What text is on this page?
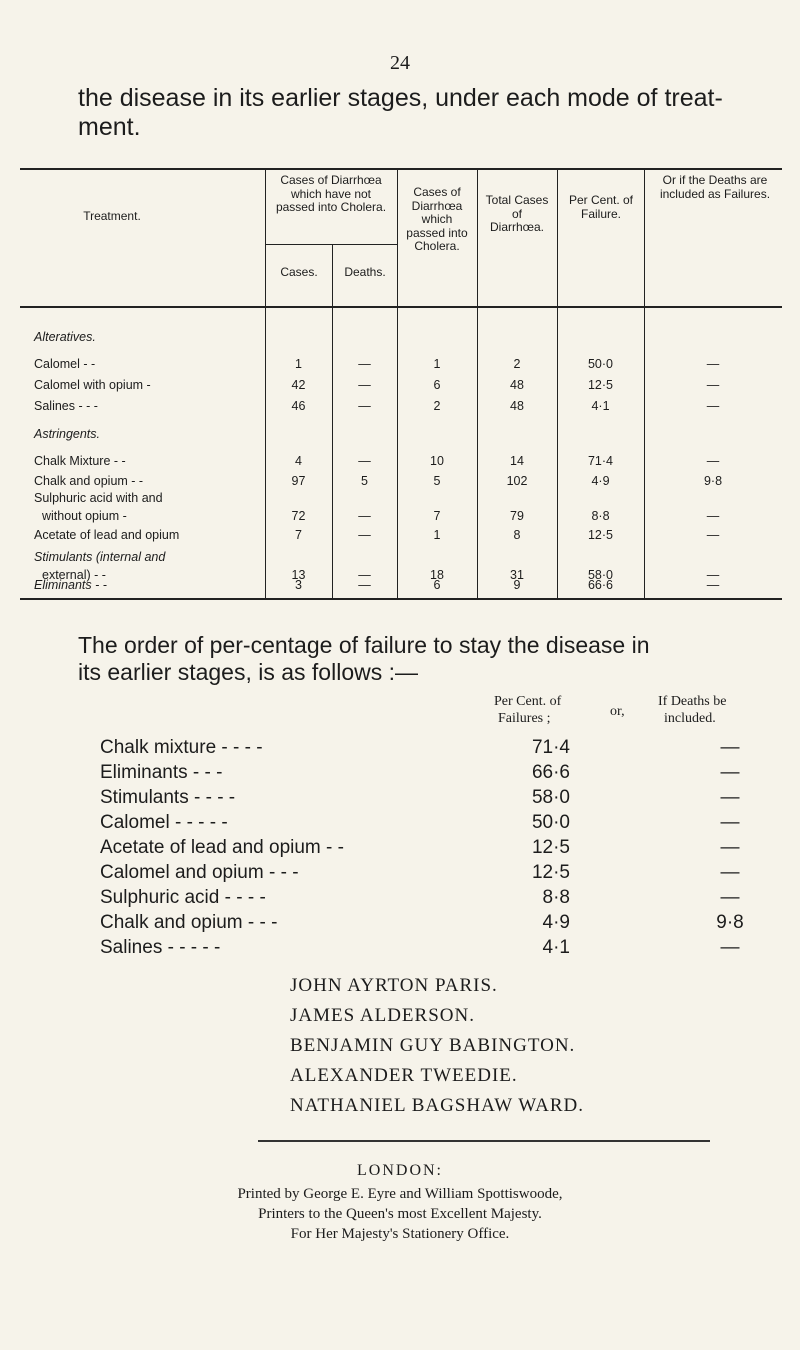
24
the disease in its earlier stages, under each mode of treat-
ment.
Treatment.
Cases of Diarrhœa which have not passed into Cholera.
Cases.	Deaths.
Cases of Diarrhœa which passed into Cholera.
Total Cases of Diarrhœa.
Per Cent. of Failure.
Or if the Deaths are included as Failures.
Alteratives.
Calomel - -	1	—	1	2	50·0	—
Calomel with opium -	42	—	6	48	12·5	—
Salines - - -	46	—	2	48	4·1	—
Astringents.
Chalk Mixture - -	4	—	10	14	71·4	—
Chalk and opium - -	97	5	5	102	4·9	9·8
Sulphuric acid with and
without opium -	72	—	7	79	8·8	—
Acetate of lead and opium	7	—	1	8	12·5	—
Stimulants (internal and
external) - -	13	—	18	31	58·0	—
Eliminants - -	3	—	6	9	66·6	—
The order of per-centage of failure to stay the disease in
its earlier stages, is as follows :—
Per Cent. of
Failures ;	or,
If Deaths be
included.
Chalk mixture - - - -	71·4	—
Eliminants - - -	66·6	—
Stimulants - - - -	58·0	—
Calomel - - - - -	50·0	—
Acetate of lead and opium - -	12·5	—
Calomel and opium - - -	12·5	—
Sulphuric acid - - - -	8·8	—
Chalk and opium - - -	4·9	9·8
Salines - - - - -	4·1	—
JOHN AYRTON PARIS.
JAMES ALDERSON.
BENJAMIN GUY BABINGTON.
ALEXANDER TWEEDIE.
NATHANIEL BAGSHAW WARD.
LONDON:
Printed by George E. Eyre and William Spottiswoode,
Printers to the Queen's most Excellent Majesty.
For Her Majesty's Stationery Office.
